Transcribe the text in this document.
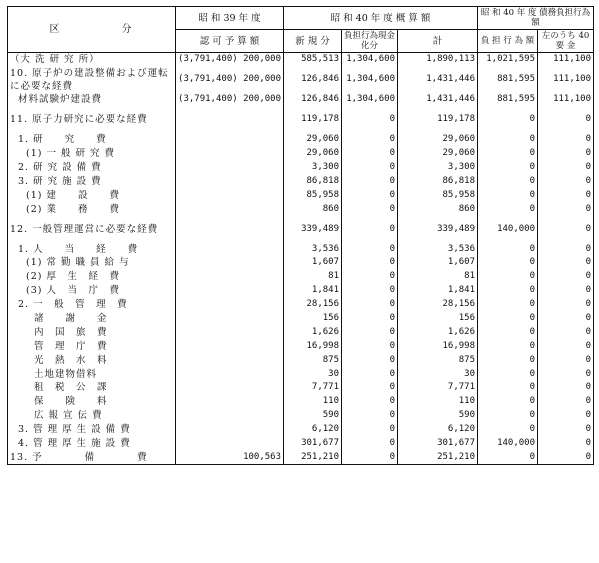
区　　　　　分	昭 和 39 年 度	昭 和 40 年 度 概 算 額			昭 和 40 年 度 債務負担行為額	
	認 可 予 算 額	新 規 分	負担行為現金化分	計	負 担 行 為 額	左のうち 40 要 金
（大 洗 研 究 所）	(3,791,400) 200,000	585,513	1,304,600	1,890,113	1,021,595	111,100
10. 原子炉の建設整備および運転に必要な経費	(3,791,400) 200,000	126,846	1,304,600	1,431,446	881,595	111,100
材料試験炉建設費	(3,791,400) 200,000	126,846	1,304,600	1,431,446	881,595	111,100
11. 原子力研究に必要な経費		119,178	0	119,178	0	0
1. 研　　究　　費		29,060	0	29,060	0	0
(1) 一 般 研 究 費		29,060	0	29,060	0	0
2. 研 究 設 備 費		3,300	0	3,300	0	0
3. 研 究 施 設 費		86,818	0	86,818	0	0
(1) 建　　設　　費		85,958	0	85,958	0	0
(2) 業　　務　　費		860	0	860	0	0
12. 一般管理運営に必要な経費		339,489	0	339,489	140,000	0
1. 人　　当　　経　　費		3,536	0	3,536	0	0
(1) 常 勤 職 員 給 与		1,607	0	1,607	0	0
(2) 厚　生　経　費		81	0	81	0	0
(3) 人　当　庁　費		1,841	0	1,841	0	0
2. 一　般　管　理　費		28,156	0	28,156	0	0
諸　　謝　　金		156	0	156	0	0
内　国　旅　費		1,626	0	1,626	0	0
管　理　庁　費		16,998	0	16,998	0	0
光　熱　水　料		875	0	875	0	0
土地建物借料		30	0	30	0	0
租　税　公　課		7,771	0	7,771	0	0
保　　険　　料		110	0	110	0	0
広 報 宣 伝 費		590	0	590	0	0
3. 管 理 厚 生 設 備 費		6,120	0	6,120	0	0
4. 管 理 厚 生 施 設 費		301,677	0	301,677	140,000	0
13. 予　　　　備　　　　費	100,563	251,210	0	251,210	0	0
